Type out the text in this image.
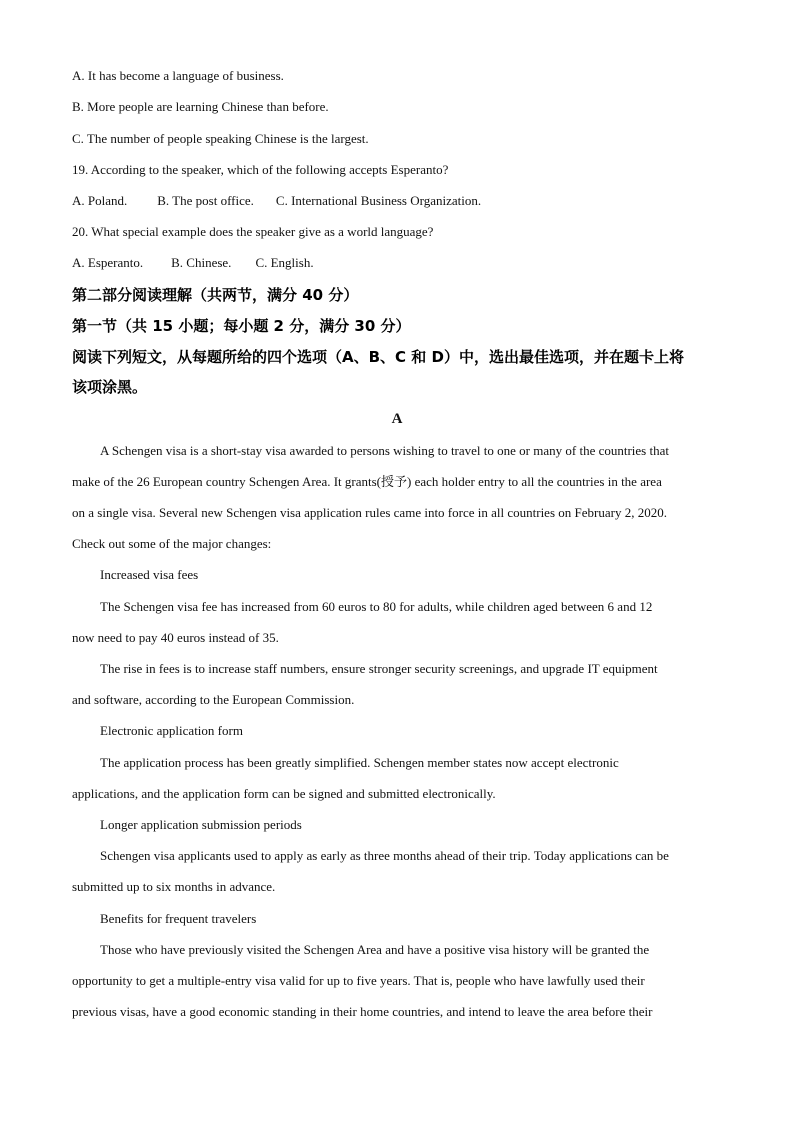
A. It has become a language of business.
B. More people are learning Chinese than before.
C. The number of people speaking Chinese is the largest.
19. According to the speaker, which of the following accepts Esperanto?
A. Poland. B. The post office. C. International Business Organization.
20. What special example does the speaker give as a world language?
A. Esperanto. B. Chinese. C. English.
第二部分阅读理解（共两节，满分 40 分）
第一节（共 15 小题；每小题 2 分，满分 30 分）
阅读下列短文，从每题所给的四个选项（A、B、C 和 D）中，选出最佳选项，并在题卡上将
该项涂黑。
A
A Schengen visa is a short-stay visa awarded to persons wishing to travel to one or many of the countries that
make of the 26 European country Schengen Area. It grants(授予) each holder entry to all the countries in the area
on a single visa. Several new Schengen visa application rules came into force in all countries on February 2, 2020.
Check out some of the major changes:
Increased visa fees
The Schengen visa fee has increased from 60 euros to 80 for adults, while children aged between 6 and 12
now need to pay 40 euros instead of 35.
The rise in fees is to increase staff numbers, ensure stronger security screenings, and upgrade IT equipment
and software, according to the European Commission.
Electronic application form
The application process has been greatly simplified. Schengen member states now accept electronic
applications, and the application form can be signed and submitted electronically.
Longer application submission periods
Schengen visa applicants used to apply as early as three months ahead of their trip. Today applications can be
submitted up to six months in advance.
Benefits for frequent travelers
Those who have previously visited the Schengen Area and have a positive visa history will be granted the
opportunity to get a multiple-entry visa valid for up to five years. That is, people who have lawfully used their
previous visas, have a good economic standing in their home countries, and intend to leave the area before their
